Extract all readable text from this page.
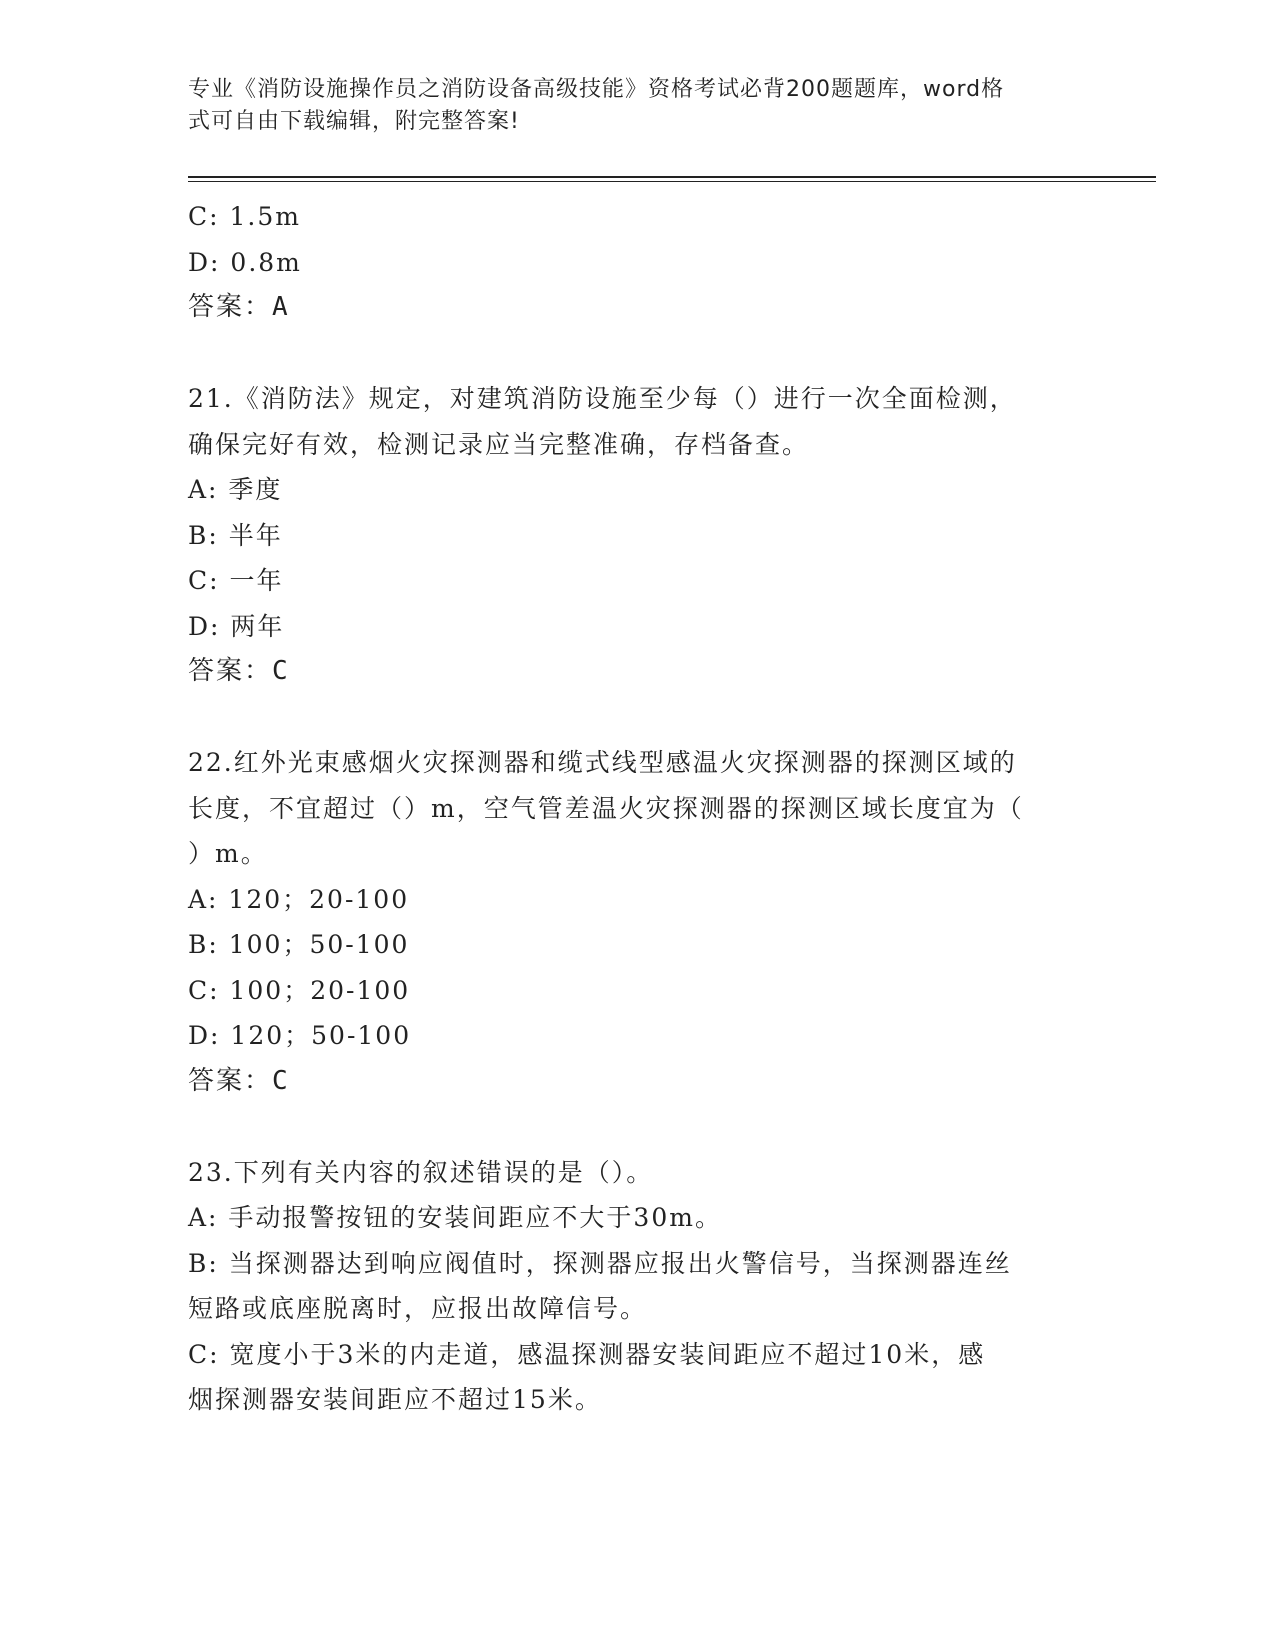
专业《消防设施操作员之消防设备高级技能》资格考试必背200题题库，word格
式可自由下载编辑，附完整答案!
C: 1.5m
D: 0.8m
答案：A
21.《消防法》规定，对建筑消防设施至少每（）进行一次全面检测，
确保完好有效，检测记录应当完整准确，存档备查。
A: 季度
B: 半年
C: 一年
D: 两年
答案：C
22.红外光束感烟火灾探测器和缆式线型感温火灾探测器的探测区域的
长度，不宜超过（）m，空气管差温火灾探测器的探测区域长度宜为（
）m。
A: 120；20-100
B: 100；50-100
C: 100；20-100
D: 120；50-100
答案：C
23.下列有关内容的叙述错误的是（）。
A: 手动报警按钮的安装间距应不大于30m。
B: 当探测器达到响应阀值时，探测器应报出火警信号，当探测器连丝
短路或底座脱离时，应报出故障信号。
C: 宽度小于3米的内走道，感温探测器安装间距应不超过10米，感
烟探测器安装间距应不超过15米。
